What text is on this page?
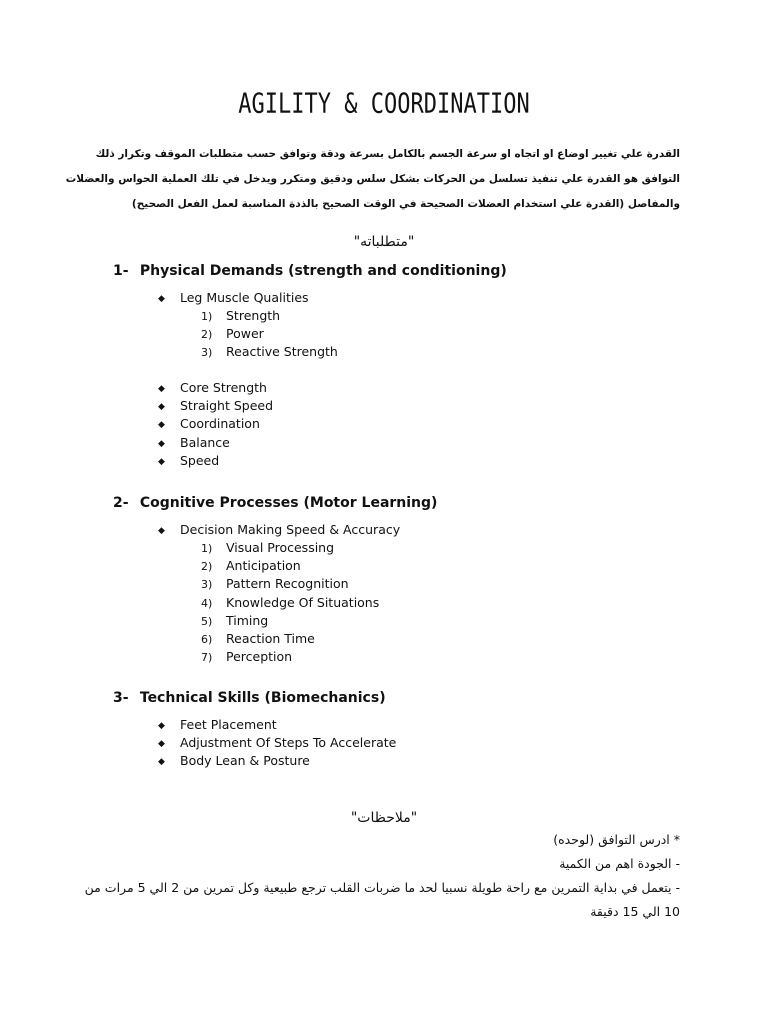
AGILITY & COORDINATION
القدرة علي تغيير اوضاع او اتجاه او سرعة الجسم بالكامل بسرعة ودقة وتوافق حسب متطلبات الموقف وتكرار ذلك
التوافق هو القدرة علي تنفيذ تسلسل من الحركات بشكل سلس ودقيق ومتكرر ويدخل في تلك العملية الحواس والعضلات
والمفاصل (القدرة علي استخدام العضلات الصحيحة في الوقت الصحيح بالذدة المناسبة لعمل الفعل الصحيح)
"متطلباته"
1- Physical Demands (strength and conditioning)
◆ Leg Muscle Qualities
1) Strength
2) Power
3) Reactive Strength
◆ Core Strength
◆ Straight Speed
◆ Coordination
◆ Balance
◆ Speed
2- Cognitive Processes (Motor Learning)
◆ Decision Making Speed & Accuracy
1) Visual Processing
2) Anticipation
3) Pattern Recognition
4) Knowledge Of Situations
5) Timing
6) Reaction Time
7) Perception
3- Technical Skills (Biomechanics)
◆ Feet Placement
◆ Adjustment Of Steps To Accelerate
◆ Body Lean & Posture
"ملاحظات"
* ادرس التوافق (لوحده)
- الجودة اهم من الكمية
- يتعمل في بداية التمرين مع راحة طويلة نسبيا لحد ما ضربات القلب ترجع طبيعية وكل تمرين من 2 الي 5 مرات من
10 الي 15 دقيقة
